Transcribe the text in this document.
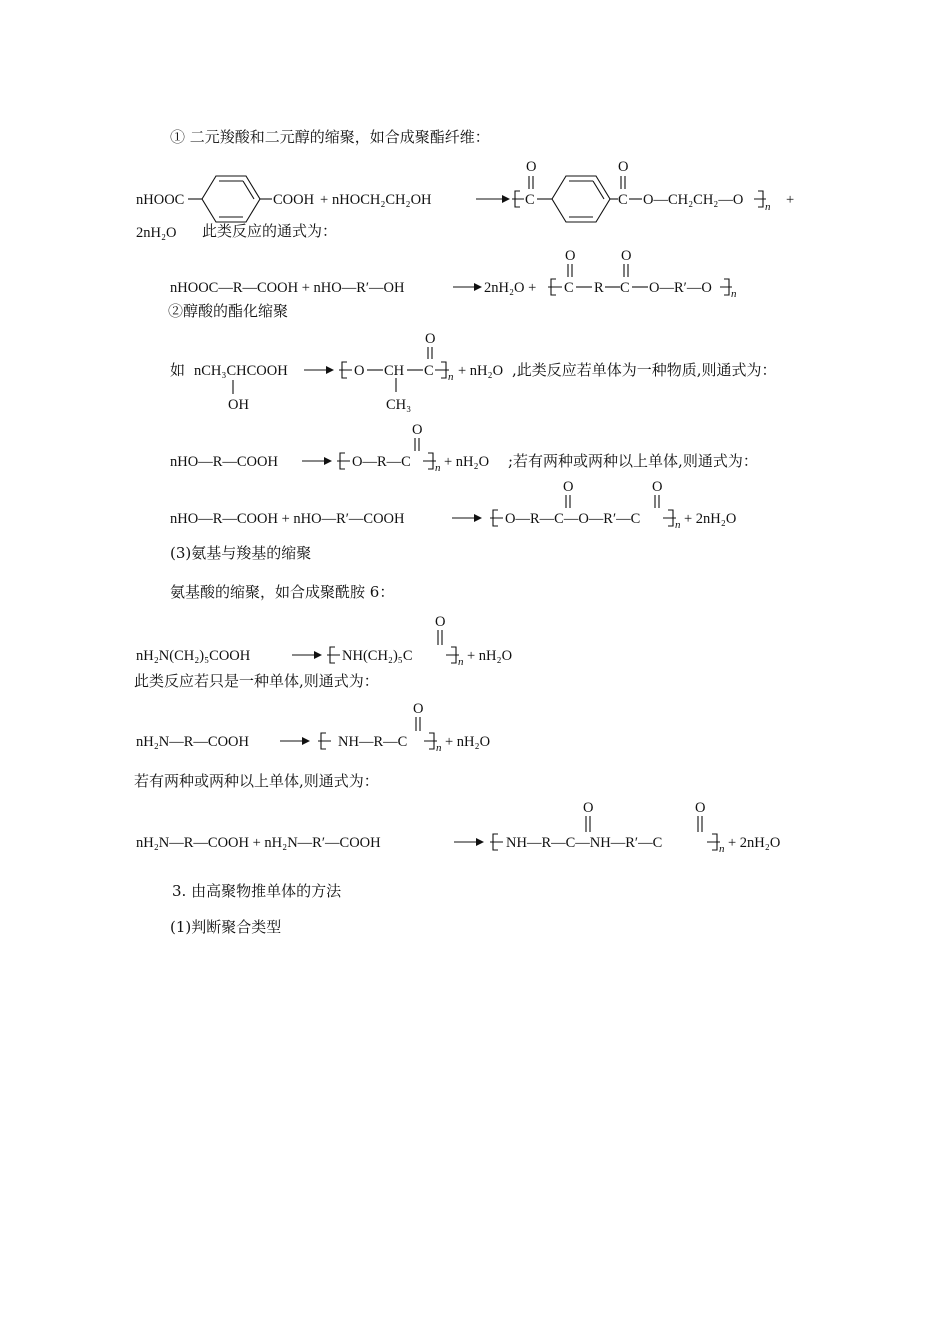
① 二元羧酸和二元醇的缩聚，如合成聚酯纤维：
nHOOC	COOH + nHOCH₂CH₂OH
O
C
O
C O—CH₂CH₂—O n +
2nH₂O 此类反应的通式为：
nHOOC—R—COOH + nHO—R′—OH	2nH₂O +
O
C R
O
C O—R′—O n
②醇酸的酯化缩聚
如 nCH₃CHCOOH
OH
O CH
CH₃
O
C n + nH₂O ,此类反应若单体为一种物质,则通式为：
nHO—R—COOH	O—R—C
O
n + nH₂O ;若有两种或两种以上单体,则通式为：
nHO—R—COOH + nHO—R′—COOH	O—R—C—O—R′—C
O	O
n + 2nH₂O
(3)氨基与羧基的缩聚
氨基酸的缩聚，如合成聚酰胺 6：
nH₂N(CH₂)₅COOH	NH(CH₂)₅C
O
n + nH₂O
此类反应若只是一种单体,则通式为：
nH₂N—R—COOH	NH—R—C
O
n + nH₂O
若有两种或两种以上单体,则通式为：
nH₂N—R—COOH + nH₂N—R′—COOH	NH—R—C—NH—R′—C
O	O
n + 2nH₂O
3. 由高聚物推单体的方法
(1)判断聚合类型
